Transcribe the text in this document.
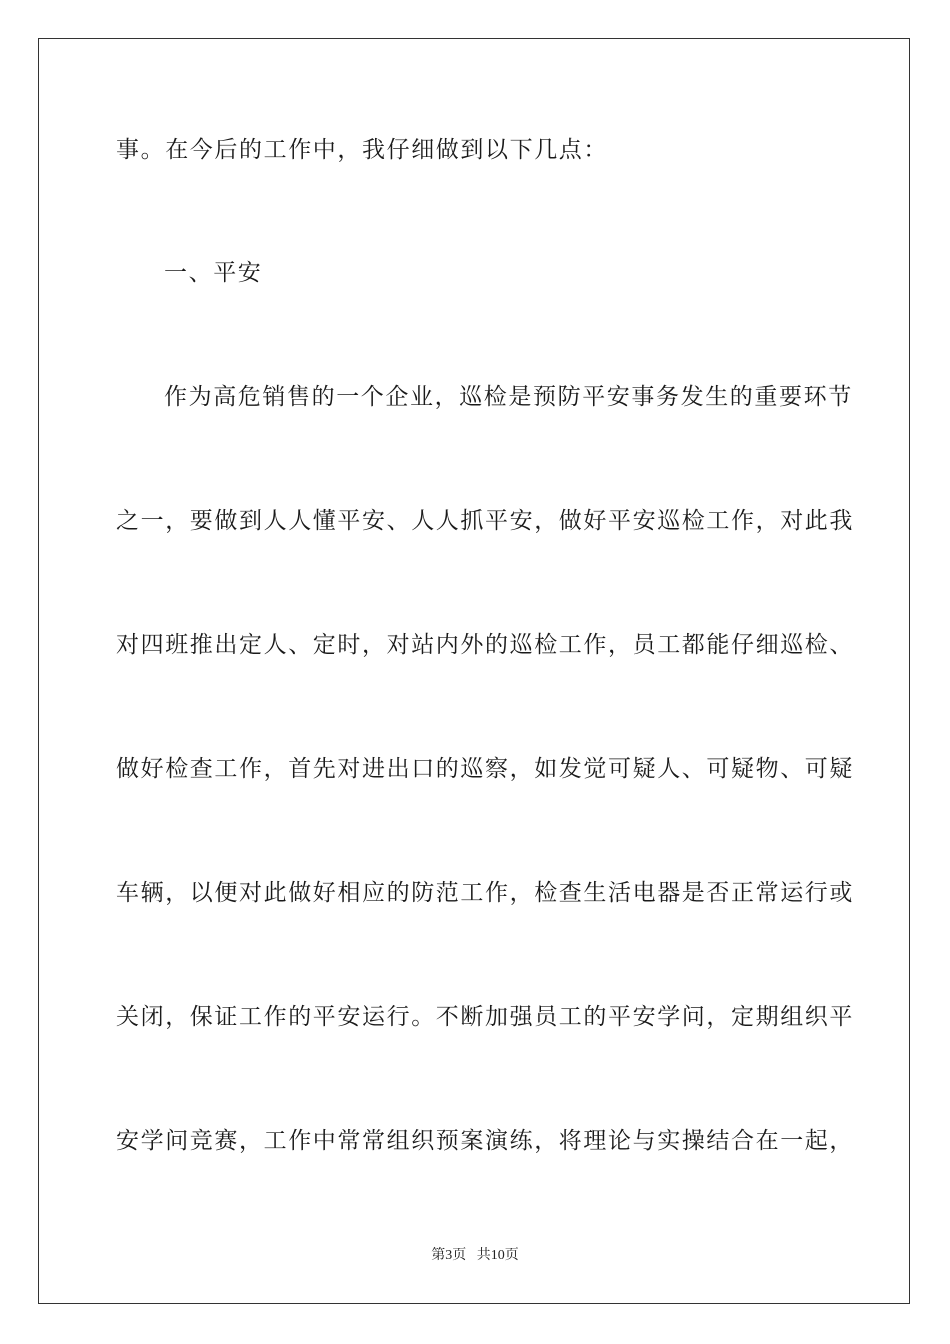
事。在今后的工作中，我仔细做到以下几点：
一、平安
作为高危销售的一个企业，巡检是预防平安事务发生的重要环节
之一，要做到人人懂平安、人人抓平安，做好平安巡检工作，对此我
对四班推出定人、定时，对站内外的巡检工作，员工都能仔细巡检、
做好检查工作，首先对进出口的巡察，如发觉可疑人、可疑物、可疑
车辆，以便对此做好相应的防范工作，检查生活电器是否正常运行或
关闭，保证工作的平安运行。不断加强员工的平安学问，定期组织平
安学问竞赛，工作中常常组织预案演练，将理论与实操结合在一起，
第3页 共10页
